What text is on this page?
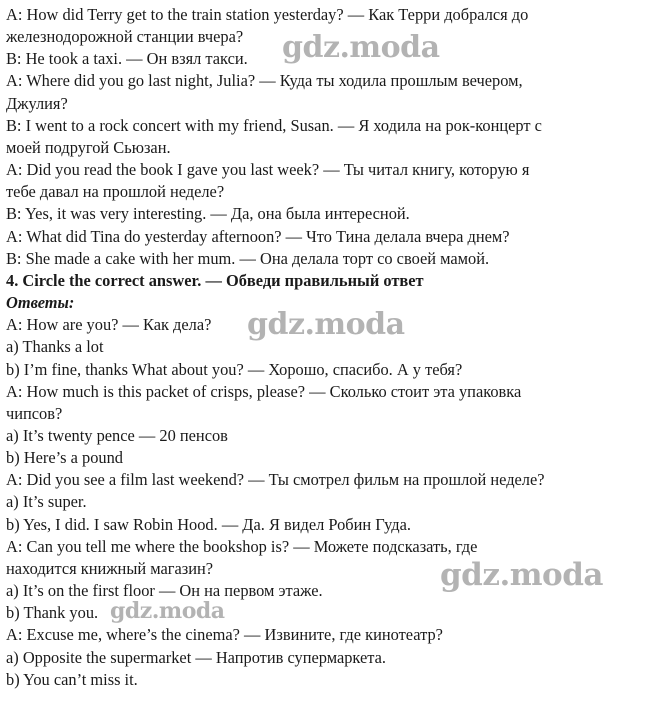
A: How did Terry get to the train station yesterday? — Как Терри добрался до
железнодорожной станции вчера?
B: He took a taxi. — Он взял такси.
A: Where did you go last night, Julia? — Куда ты ходила прошлым вечером,
Джулия?
B: I went to a rock concert with my friend, Susan. — Я ходила на рок-концерт с
моей подругой Сьюзан.
A: Did you read the book I gave you last week? — Ты читал книгу, которую я
тебе давал на прошлой неделе?
B: Yes, it was very interesting. — Да, она была интересной.
A: What did Tina do yesterday afternoon? — Что Тина делала вчера днем?
B: She made a cake with her mum. — Она делала торт со своей мамой.
4. Circle the correct answer. — Обведи правильный ответ
Ответы:
A: How are you? — Как дела?
a) Thanks a lot
b) I’m fine, thanks What about you? — Хорошо, спасибо. А у тебя?
A: How much is this packet of crisps, please? — Сколько стоит эта упаковка
чипсов?
a) It’s twenty pence — 20 пенсов
b) Here’s a pound
A: Did you see a film last weekend? — Ты смотрел фильм на прошлой неделе?
a) It’s super.
b) Yes, I did. I saw Robin Hood. — Да. Я видел Робин Гуда.
A: Can you tell me where the bookshop is? — Можете подсказать, где
находится книжный магазин?
a) It’s on the first floor — Он на первом этаже.
b) Thank you.
A: Excuse me, where’s the cinema? — Извините, где кинотеатр?
a) Opposite the supermarket — Напротив супермаркета.
b) You can’t miss it.
gdz.moda
gdz.moda
gdz.moda
gdz.moda
